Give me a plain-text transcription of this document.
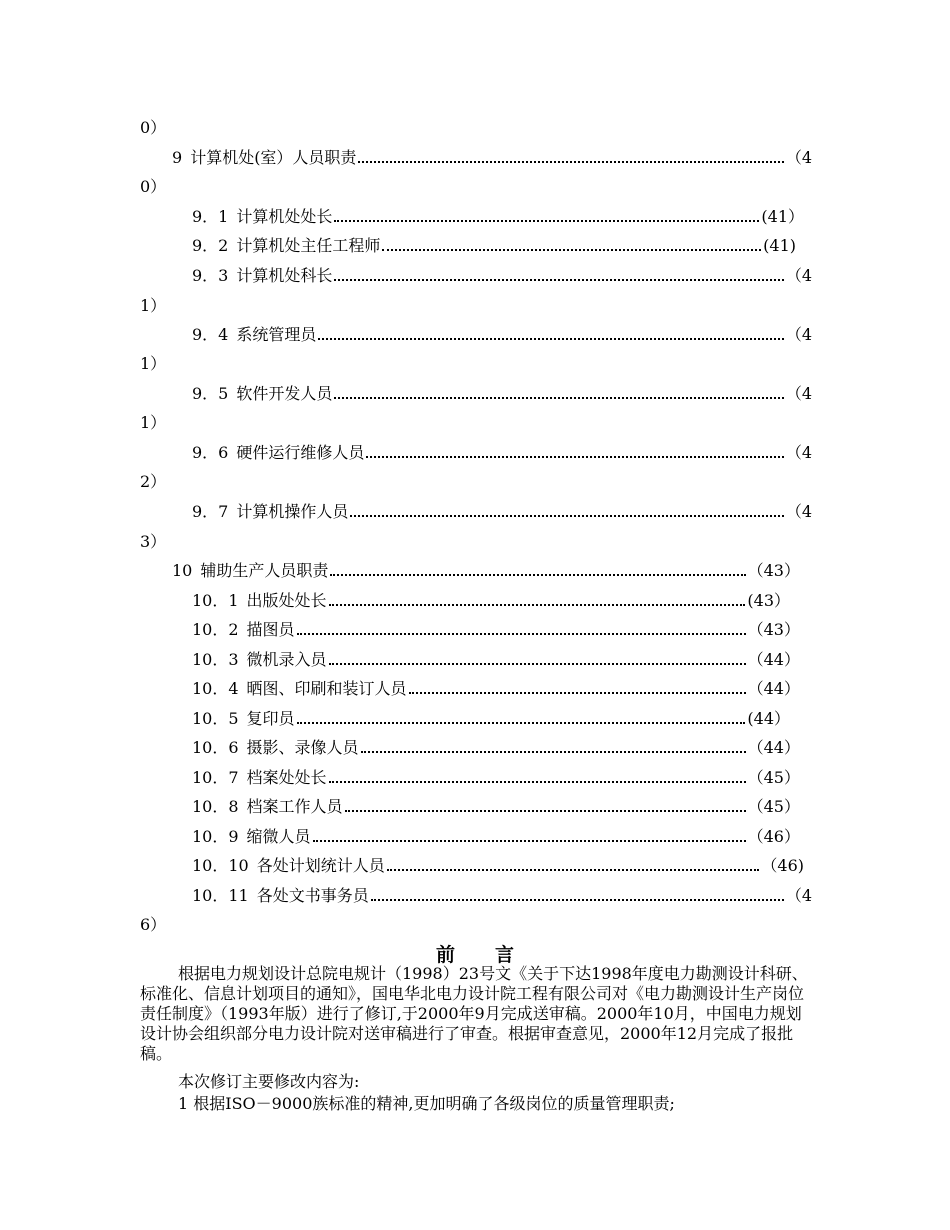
0）
9 计算机处(室）人员职责	（4
0）
9．1 计算机处处长	(41）
9．2 计算机处主任工程师	(41)
9．3 计算机处科长	（4
1）
9．4 系统管理员	（4
1）
9．5 软件开发人员	（4
1）
9．6 硬件运行维修人员	（4
2）
9．7 计算机操作人员	（4
3）
10 辅助生产人员职责	（43）
10．1 出版处处长	(43）
10．2 描图员	（43）
10．3 微机录入员	（44）
10．4 晒图、印刷和装订人员	（44）
10．5 复印员	(44）
10．6 摄影、录像人员	（44）
10．7 档案处处长	（45）
10．8 档案工作人员	（45）
10．9 缩微人员	（46）
10．10 各处计划统计人员	（46)
10．11 各处文书事务员	（4
6）
前言
根据电力规划设计总院电规计（1998）23号文《关于下达1998年度电力勘测设计科研、标准化、信息计划项目的通知》，国电华北电力设计院工程有限公司对《电力勘测设计生产岗位责任制度》（1993年版）进行了修订,于2000年9月完成送审稿。2000年10月，中国电力规划设计协会组织部分电力设计院对送审稿进行了审查。根据审查意见，2000年12月完成了报批稿。
本次修订主要修改内容为:
1 根据ISO－9000族标准的精神,更加明确了各级岗位的质量管理职责;
